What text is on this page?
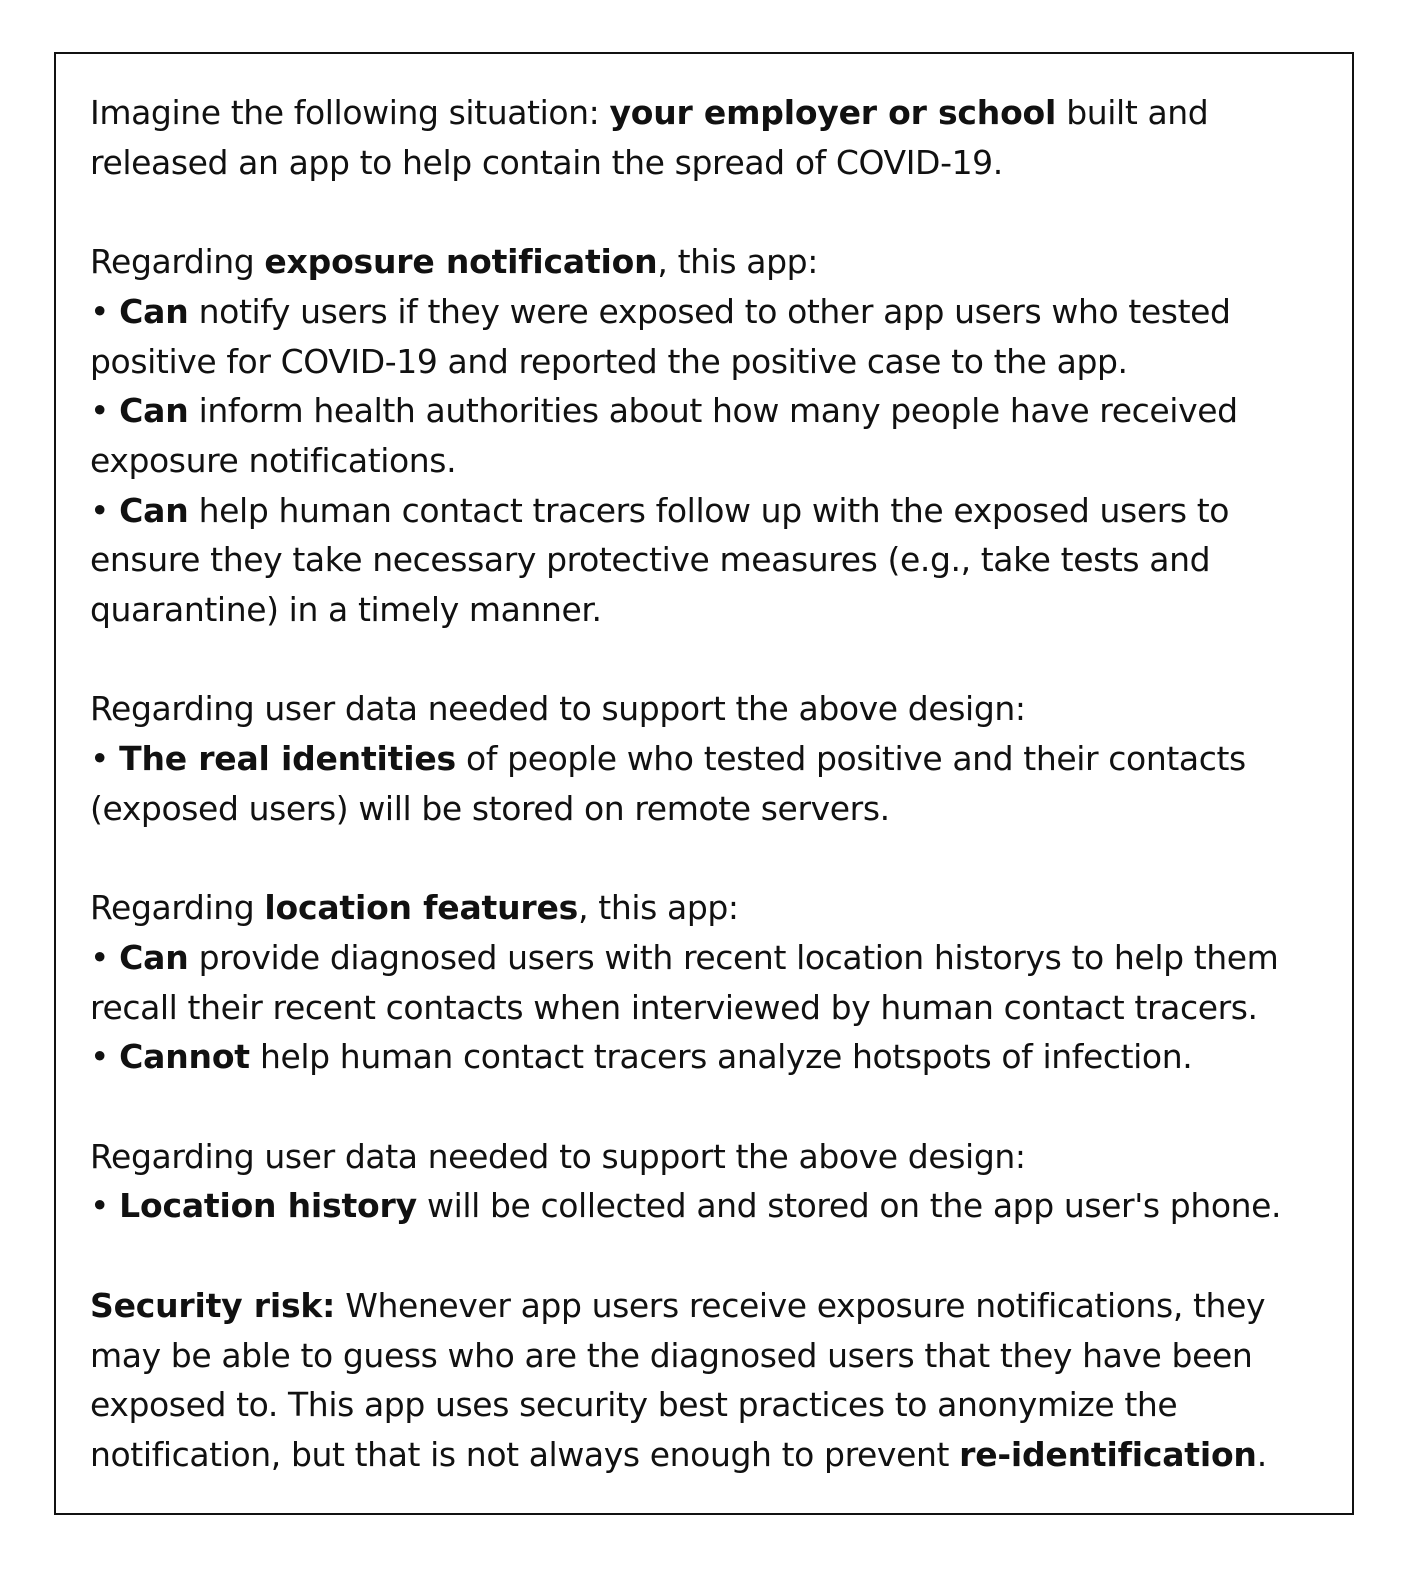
Imagine the following situation: your employer or school built and released an app to help contain the spread of COVID-19.

Regarding exposure notification, this app:

• Can notify users if they were exposed to other app users who tested positive for COVID-19 and reported the positive case to the app.

• Can inform health authorities about how many people have received exposure notifications.

• Can help human contact tracers follow up with the exposed users to ensure they take necessary protective measures (e.g., take tests and quarantine) in a timely manner.

Regarding user data needed to support the above design:

• The real identities of people who tested positive and their contacts (exposed users) will be stored on remote servers.

Regarding location features, this app:

• Can provide diagnosed users with recent location historys to help them recall their recent contacts when interviewed by human contact tracers.

• Cannot help human contact tracers analyze hotspots of infection.

Regarding user data needed to support the above design:

• Location history will be collected and stored on the app user's phone.

Security risk: Whenever app users receive exposure notifications, they may be able to guess who are the diagnosed users that they have been exposed to. This app uses security best practices to anonymize the notification, but that is not always enough to prevent re-identification.
